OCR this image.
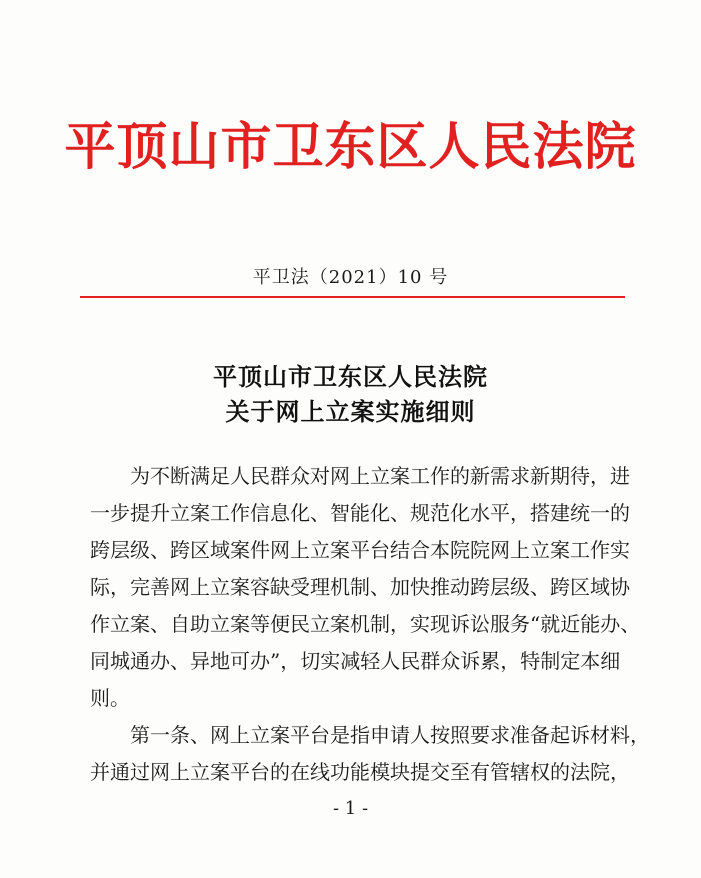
平顶山市卫东区人民法院
平卫法（2021）10 号
平顶山市卫东区人民法院
关于网上立案实施细则
为不断满足人民群众对网上立案工作的新需求新期待，进
一步提升立案工作信息化、智能化、规范化水平，搭建统一的
跨层级、跨区域案件网上立案平台结合本院院网上立案工作实
际，完善网上立案容缺受理机制、加快推动跨层级、跨区域协
作立案、自助立案等便民立案机制，实现诉讼服务“就近能办、
同城通办、异地可办”，切实减轻人民群众诉累，特制定本细
则。
第一条、网上立案平台是指申请人按照要求准备起诉材料，
并通过网上立案平台的在线功能模块提交至有管辖权的法院，
- 1 -
